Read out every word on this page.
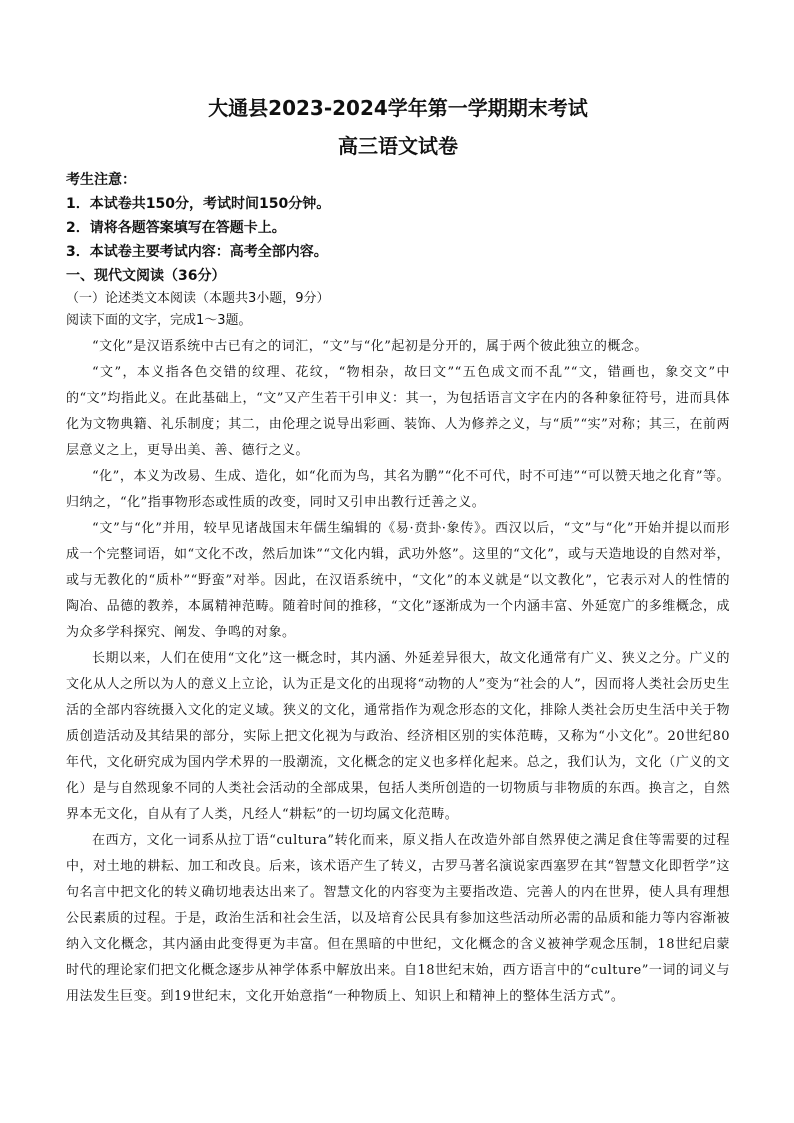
大通县2023-2024学年第一学期期末考试
高三语文试卷
考生注意：
1．本试卷共150分，考试时间150分钟。
2．请将各题答案填写在答题卡上。
3．本试卷主要考试内容：高考全部内容。
一、现代文阅读（36分）
（一）论述类文本阅读（本题共3小题，9分）
阅读下面的文字，完成1～3题。

“文化”是汉语系统中古已有之的词汇，“文”与“化”起初是分开的，属于两个彼此独立的概念。

“文”，本义指各色交错的纹理、花纹，“物相杂，故曰文”“五色成文而不乱”“文，错画也，象交文”中的“文”均指此义。在此基础上，“文”又产生若干引申义：其一，为包括语言文字在内的各种象征符号，进而具体化为文物典籍、礼乐制度；其二，由伦理之说导出彩画、装饰、人为修养之义，与“质”“实”对称；其三，在前两层意义之上，更导出美、善、德行之义。

“化”，本义为改易、生成、造化，如“化而为鸟，其名为鹏”“化不可代，时不可违”“可以赞天地之化育”等。归纳之，“化”指事物形态或性质的改变，同时又引申出教行迁善之义。

“文”与“化”并用，较早见诸战国末年儒生编辑的《易·贲卦·象传》。西汉以后，“文”与“化”开始并提以而形成一个完整词语，如“文化不改，然后加诛”“文化内辑，武功外悠”。这里的“文化”，或与天造地设的自然对举，或与无教化的“质朴”“野蛮”对举。因此，在汉语系统中，“文化”的本义就是“以文教化”，它表示对人的性情的陶冶、品德的教养，本属精神范畴。随着时间的推移，“文化”逐渐成为一个内涵丰富、外延宽广的多维概念，成为众多学科探究、阐发、争鸣的对象。

长期以来，人们在使用“文化”这一概念时，其内涵、外延差异很大，故文化通常有广义、狭义之分。广义的文化从人之所以为人的意义上立论，认为正是文化的出现将“动物的人”变为“社会的人”，因而将人类社会历史生活的全部内容统摄入文化的定义域。狭义的文化，通常指作为观念形态的文化，排除人类社会历史生活中关于物质创造活动及其结果的部分，实际上把文化视为与政治、经济相区别的实体范畴，又称为“小文化”。20世纪80年代，文化研究成为国内学术界的一股潮流，文化概念的定义也多样化起来。总之，我们认为，文化（广义的文化）是与自然现象不同的人类社会活动的全部成果，包括人类所创造的一切物质与非物质的东西。换言之，自然界本无文化，自从有了人类，凡经人“耕耘”的一切均属文化范畴。

在西方，文化一词系从拉丁语“cultura”转化而来，原义指人在改造外部自然界使之满足食住等需要的过程中，对土地的耕耘、加工和改良。后来，该术语产生了转义，古罗马著名演说家西塞罗在其“智慧文化即哲学”这句名言中把文化的转义确切地表达出来了。智慧文化的内容变为主要指改造、完善人的内在世界，使人具有理想公民素质的过程。于是，政治生活和社会生活，以及培育公民具有参加这些活动所必需的品质和能力等内容渐被纳入文化概念，其内涵由此变得更为丰富。但在黑暗的中世纪，文化概念的含义被神学观念压制，18世纪启蒙时代的理论家们把文化概念逐步从神学体系中解放出来。自18世纪末始，西方语言中的“culture”一词的词义与用法发生巨变。到19世纪末，文化开始意指“一种物质上、知识上和精神上的整体生活方式”。
